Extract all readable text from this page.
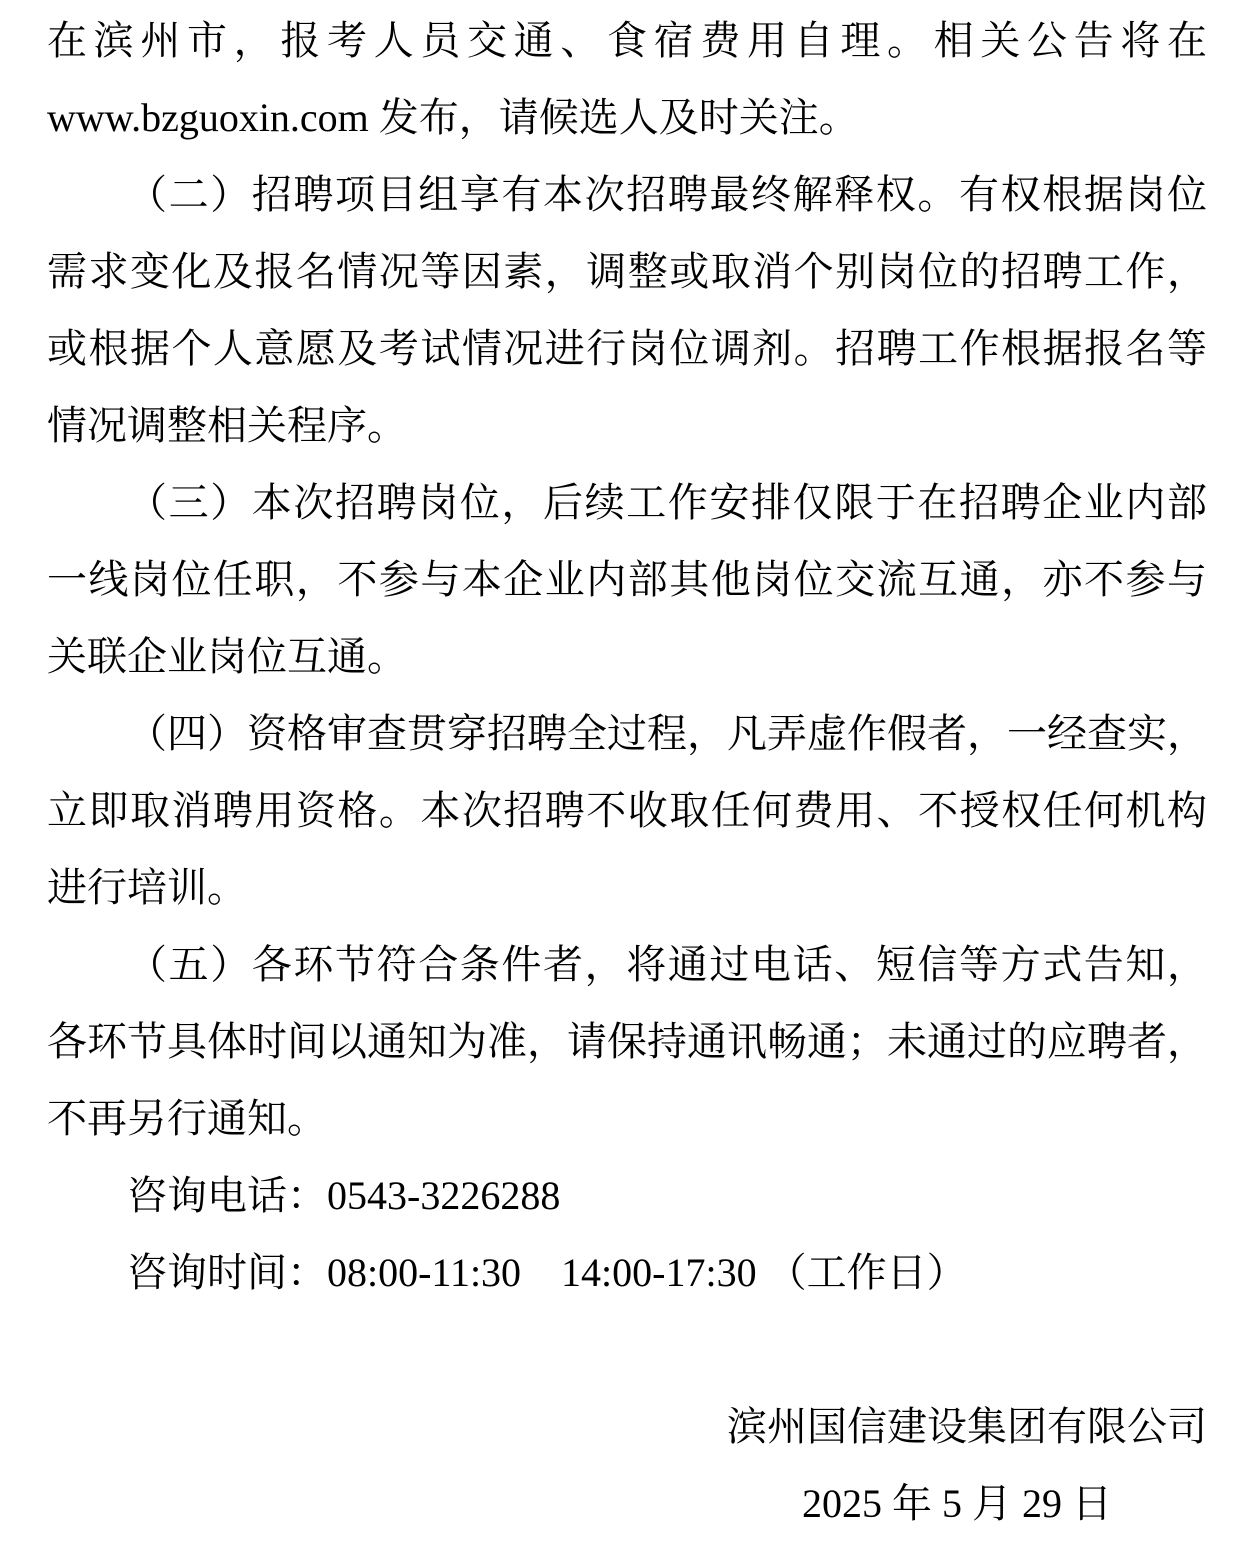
在滨州市，报考人员交通、食宿费用自理。相关公告将在
www.bzguoxin.com 发布，请候选人及时关注。
（二）招聘项目组享有本次招聘最终解释权。有权根据岗位
需求变化及报名情况等因素，调整或取消个别岗位的招聘工作，
或根据个人意愿及考试情况进行岗位调剂。招聘工作根据报名等
情况调整相关程序。
（三）本次招聘岗位，后续工作安排仅限于在招聘企业内部
一线岗位任职，不参与本企业内部其他岗位交流互通，亦不参与
关联企业岗位互通。
（四）资格审查贯穿招聘全过程，凡弄虚作假者，一经查实，
立即取消聘用资格。本次招聘不收取任何费用、不授权任何机构
进行培训。
（五）各环节符合条件者，将通过电话、短信等方式告知，
各环节具体时间以通知为准，请保持通讯畅通；未通过的应聘者，
不再另行通知。
咨询电话：0543-3226288
咨询时间：08:00-11:30　14:00-17:30 （工作日）
滨州国信建设集团有限公司
2025 年 5 月 29 日
